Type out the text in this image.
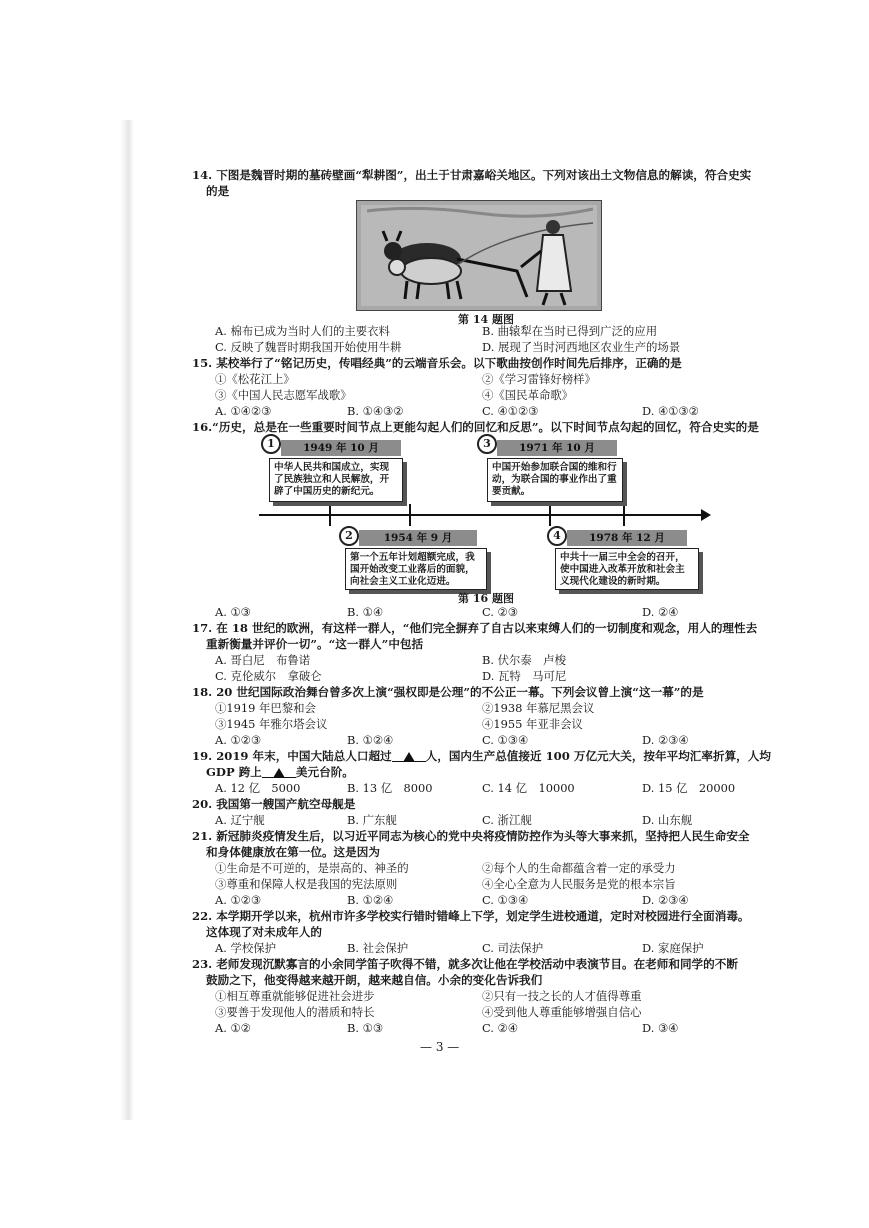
14. 下图是魏晋时期的墓砖壁画“犁耕图”，出土于甘肃嘉峪关地区。下列对该出土文物信息的解读，符合史实
的是
第 14 题图
A. 棉布已成为当时人们的主要衣料	B. 曲辕犁在当时已得到广泛的应用
C. 反映了魏晋时期我国开始使用牛耕	D. 展现了当时河西地区农业生产的场景
15. 某校举行了“铭记历史，传唱经典”的云端音乐会。以下歌曲按创作时间先后排序，正确的是
①《松花江上》	②《学习雷锋好榜样》
③《中国人民志愿军战歌》	④《国民革命歌》
A. ①④②③	B. ①④③②	C. ④①②③	D. ④①③②
16.“历史，总是在一些重要时间节点上更能勾起人们的回忆和反思”。以下时间节点勾起的回忆，符合史实的是
1	1949 年 10 月
中华人民共和国成立，实现了民族独立和人民解放，开辟了中国历史的新纪元。
3	1971 年 10 月
中国开始参加联合国的维和行动，为联合国的事业作出了重要贡献。
2	1954 年 9 月
第一个五年计划超额完成，我国开始改变工业落后的面貌，向社会主义工业化迈进。
4	1978 年 12 月
中共十一届三中全会的召开，使中国进入改革开放和社会主义现代化建设的新时期。
第 16 题图
A. ①③	B. ①④	C. ②③	D. ②④
17. 在 18 世纪的欧洲，有这样一群人，“他们完全摒弃了自古以来束缚人们的一切制度和观念，用人的理性去
重新衡量并评价一切”。“这一群人”中包括
A. 哥白尼　布鲁诺	B. 伏尔泰　卢梭
C. 克伦威尔　拿破仑	D. 瓦特　马可尼
18. 20 世纪国际政治舞台曾多次上演“强权即是公理”的不公正一幕。下列会议曾上演“这一幕”的是
①1919 年巴黎和会	②1938 年慕尼黑会议
③1945 年雅尔塔会议	④1955 年亚非会议
A. ①②③	B. ①②④	C. ①③④	D. ②③④
19. 2019 年末，中国大陆总人口超过	人，国内生产总值接近 100 万亿元大关，按年平均汇率折算，人均
GDP 跨上	美元台阶。
A. 12 亿　5000	B. 13 亿　8000	C. 14 亿　10000	D. 15 亿　20000
20. 我国第一艘国产航空母舰是
A. 辽宁舰	B. 广东舰	C. 浙江舰	D. 山东舰
21. 新冠肺炎疫情发生后，以习近平同志为核心的党中央将疫情防控作为头等大事来抓，坚持把人民生命安全
和身体健康放在第一位。这是因为
①生命是不可逆的，是崇高的、神圣的	②每个人的生命都蕴含着一定的承受力
③尊重和保障人权是我国的宪法原则	④全心全意为人民服务是党的根本宗旨
A. ①②③	B. ①②④	C. ①③④	D. ②③④
22. 本学期开学以来，杭州市许多学校实行错时错峰上下学，划定学生进校通道，定时对校园进行全面消毒。
这体现了对未成年人的
A. 学校保护	B. 社会保护	C. 司法保护	D. 家庭保护
23. 老师发现沉默寡言的小余同学笛子吹得不错，就多次让他在学校活动中表演节目。在老师和同学的不断
鼓励之下，他变得越来越开朗，越来越自信。小余的变化告诉我们
①相互尊重就能够促进社会进步	②只有一技之长的人才值得尊重
③要善于发现他人的潜质和特长	④受到他人尊重能够增强自信心
A. ①②	B. ①③	C. ②④	D. ③④
— 3 —
